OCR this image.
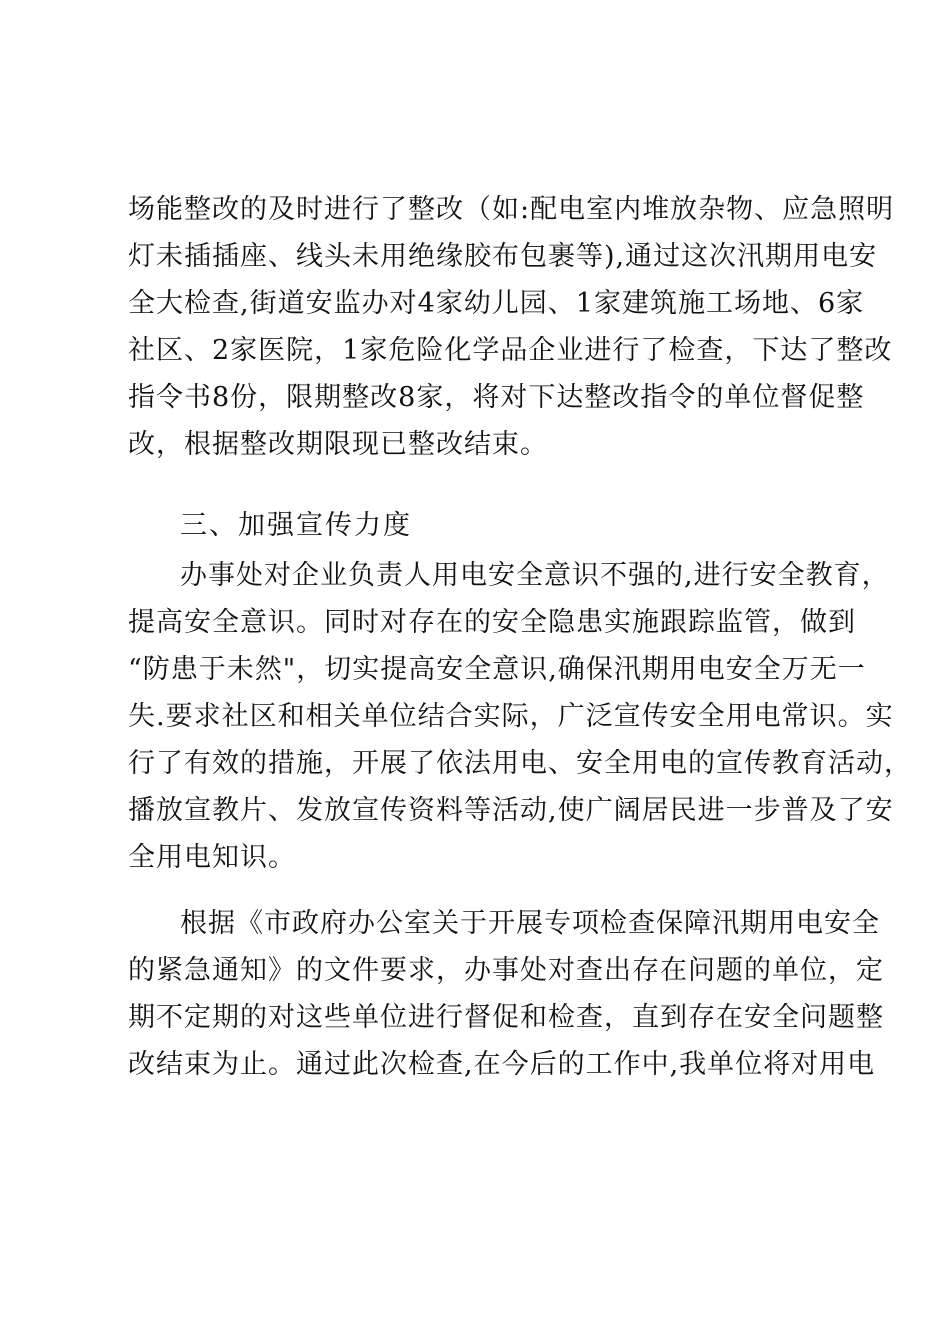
场能整改的及时进行了整改（如:配电室内堆放杂物、应急照明
灯未插插座、线头未用绝缘胶布包裹等),通过这次汛期用电安
全大检查,街道安监办对4家幼儿园、1家建筑施工场地、6家
社区、2家医院，1家危险化学品企业进行了检查，下达了整改
指令书8份，限期整改8家，将对下达整改指令的单位督促整
改，根据整改期限现已整改结束。
三、加强宣传力度
办事处对企业负责人用电安全意识不强的,进行安全教育，
提高安全意识。同时对存在的安全隐患实施跟踪监管，做到
“防患于未然"，切实提高安全意识,确保汛期用电安全万无一
失.要求社区和相关单位结合实际，广泛宣传安全用电常识。实
行了有效的措施，开展了依法用电、安全用电的宣传教育活动，
播放宣教片、发放宣传资料等活动,使广阔居民进一步普及了安
全用电知识。
根据《市政府办公室关于开展专项检查保障汛期用电安全
的紧急通知》的文件要求，办事处对查出存在问题的单位，定
期不定期的对这些单位进行督促和检查，直到存在安全问题整
改结束为止。通过此次检查,在今后的工作中,我单位将对用电
